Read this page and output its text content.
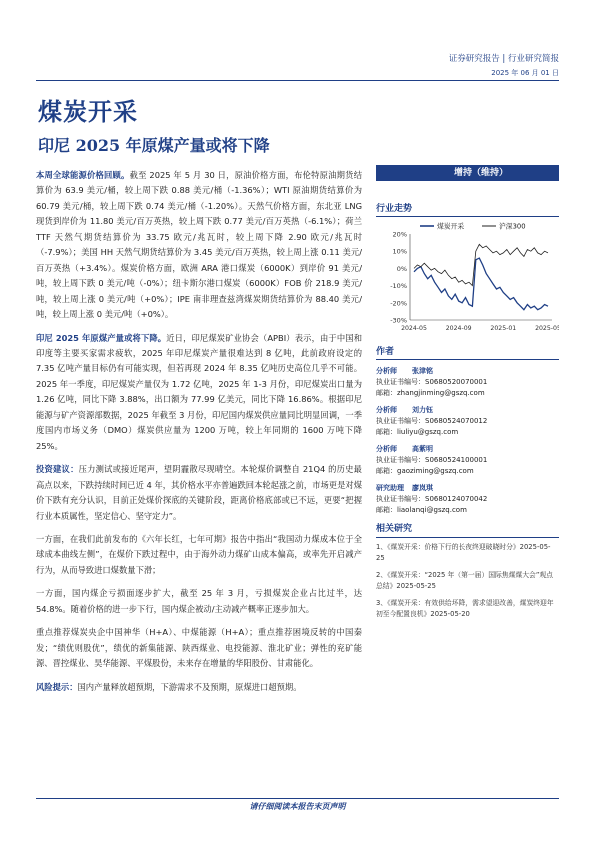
证券研究报告 | 行业研究简报
2025 年 06 月 01 日
煤炭开采
印尼 2025 年原煤产量或将下降

本周全球能源价格回顾。截至 2025 年 5 月 30 日，原油价格方面，布伦特原油期货结算价为 63.9 美元/桶，较上周下跌 0.88 美元/桶（-1.36%）；WTI 原油期货结算价为 60.79 美元/桶，较上周下跌 0.74 美元/桶（-1.20%）。天然气价格方面，东北亚 LNG 现货到岸价为 11.80 美元/百万英热，较上周下跌 0.77 美元/百万英热（-6.1%）；荷兰 TTF 天然气期货结算价为 33.75 欧元/兆瓦时，较上周下降 2.90 欧元/兆瓦时（-7.9%）；美国 HH 天然气期货结算价为 3.45 美元/百万英热，较上周上涨 0.11 美元/百万英热（+3.4%）。煤炭价格方面，欧洲 ARA 港口煤炭（6000K）到岸价 91 美元/吨，较上周下跌 0 美元/吨（-0%）；纽卡斯尔港口煤炭（6000K）FOB 价 218.9 美元/吨，较上周上涨 0 美元/吨（+0%）；IPE 南非理查兹湾煤炭期货结算价为 88.40 美元/吨，较上周上涨 0 美元/吨（+0%）。

印尼 2025 年原煤产量或将下降。近日，印尼煤炭矿业协会（APBI）表示，由于中国和印度等主要买家需求疲软，2025 年印尼煤炭产量很难达到 8 亿吨，此前政府设定的 7.35 亿吨产量目标仍有可能实现，但若再现 2024 年 8.35 亿吨历史高位几乎不可能。2025 年一季度，印尼煤炭产量仅为 1.72 亿吨，2025 年 1-3 月份，印尼煤炭出口量为 1.26 亿吨，同比下降 3.88%，出口额为 77.99 亿美元，同比下降 16.86%。根据印尼能源与矿产资源部数据，2025 年截至 3 月份，印尼国内煤炭供应量同比明显回调，一季度国内市场义务（DMO）煤炭供应量为 1200 万吨，较上年同期的 1600 万吨下降 25%。

投资建议：压力测试或接近尾声，望阴霾散尽现晴空。本轮煤价调整自 21Q4 的历史最高点以来，下跌持续时间已近 4 年，其价格水平亦普遍跌回本轮起涨之前，市场更是对煤价下跌有充分认识，目前正处煤价探底的关键阶段，距离价格底部或已不远，更要“把握行业本质属性，坚定信心、坚守定力”。

一方面，在我们此前发布的《六年长红，七年可期》报告中指出“我国动力煤成本位于全球成本曲线左侧”，在煤价下跌过程中，由于海外动力煤矿山成本偏高，或率先开启减产行为，从而导致进口煤数量下滑；

一方面，国内煤企亏损面逐步扩大，截至 25 年 3 月，亏损煤炭企业占比过半，达 54.8%。随着价格的进一步下行，国内煤企被动/主动减产概率正逐步加大。

重点推荐煤炭央企中国神华（H+A）、中煤能源（H+A）；重点推荐困境反转的中国秦发；“绩优则股优”，绩优的新集能源、陕西煤业、电投能源、淮北矿业；弹性的兖矿能源、晋控煤业、昊华能源、平煤股份，未来存在增量的华阳股份、甘肃能化。

风险提示：国内产量释放超预期，下游需求不及预期，原煤进口超预期。

增持（维持）
行业走势
20%
10%
0%
-10%
-20%
-30%
2024-05	2024-09	2025-01	2025-05
煤炭开采	沪深300
作者
分析师 张津铭
执业证书编号：S0680520070001
邮箱：zhangjinming@gszq.com
分析师 刘力钰
执业证书编号：S0680524070012
邮箱：liuliyu@gszq.com
分析师 高紫明
执业证书编号：S0680524100001
邮箱：gaoziming@gszq.com
研究助理 廖岚琪
执业证书编号：S0680124070042
邮箱：liaolanqi@gszq.com
相关研究
1、《煤炭开采：价格下行的长夜终迎破晓时分》2025-05-25
2、《煤炭开采：“2025 年（第一届）国际焦煤煤大会”观点总结》2025-05-25
3、《煤炭开采：有效供给坏降，需求望迎改善，煤炭终迎年初至今配置良机》2025-05-20
请仔细阅读本报告末页声明
